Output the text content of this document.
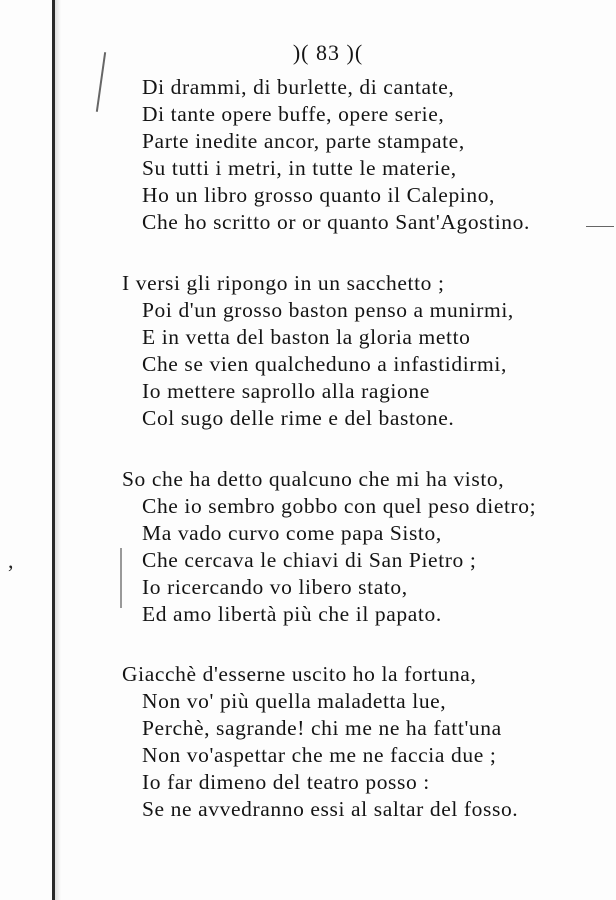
,
)( 83 )(
Di drammi, di burlette, di cantate,
Di tante opere buffe, opere serie,
Parte inedite ancor, parte stampate,
Su tutti i metri, in tutte le materie,
Ho un libro grosso quanto il Calepino,
Che ho scritto or or quanto Sant'Agostino.
I versi gli ripongo in un sacchetto ;
Poi d'un grosso baston penso a munirmi,
E in vetta del baston la gloria metto
Che se vien qualcheduno a infastidirmi,
Io mettere saprollo alla ragione
Col sugo delle rime e del bastone.
So che ha detto qualcuno che mi ha visto,
Che io sembro gobbo con quel peso dietro;
Ma vado curvo come papa Sisto,
Che cercava le chiavi di San Pietro ;
Io ricercando vo libero stato,
Ed amo libertà più che il papato.
Giacchè d'esserne uscito ho la fortuna,
Non vo' più quella maladetta lue,
Perchè, sagrande! chi me ne ha fatt'una
Non vo'aspettar che me ne faccia due ;
Io far dimeno del teatro posso :
Se ne avvedranno essi al saltar del fosso.
